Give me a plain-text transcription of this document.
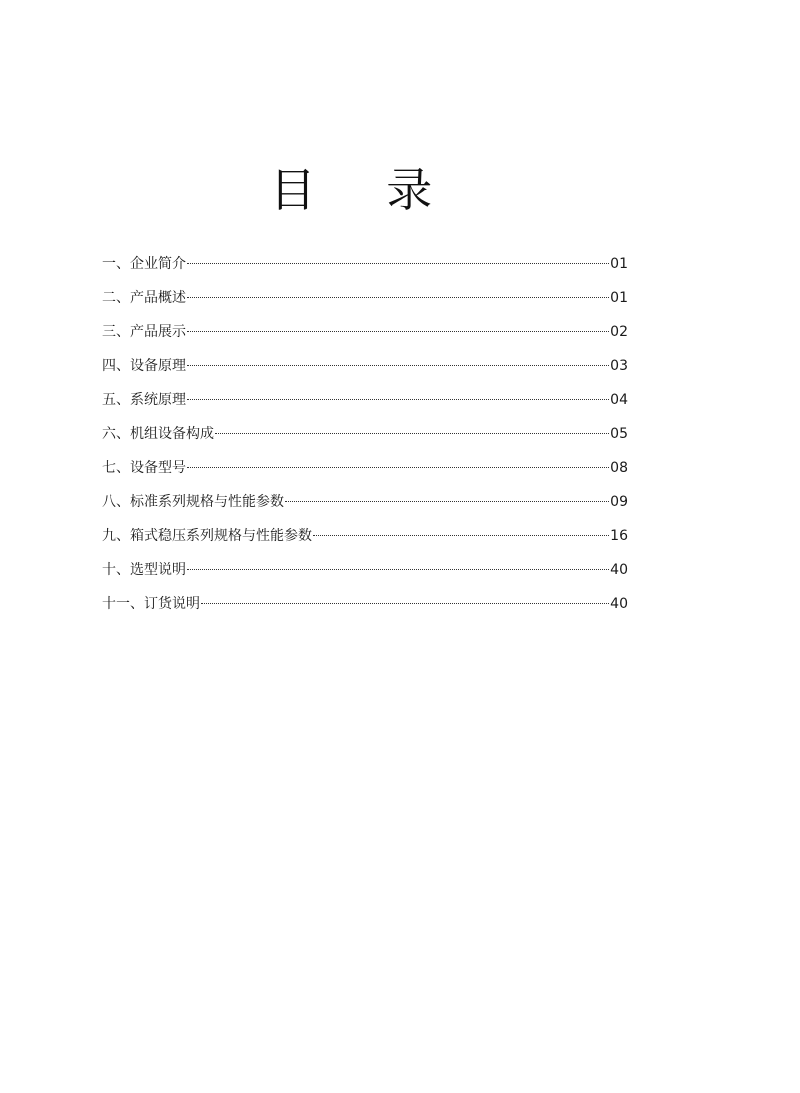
目 录
一、企业简介	01
二、产品概述	01
三、产品展示	02
四、设备原理	03
五、系统原理	04
六、机组设备构成	05
七、设备型号	08
八、标准系列规格与性能参数	09
九、箱式稳压系列规格与性能参数	16
十、选型说明	40
十一、订货说明	40
